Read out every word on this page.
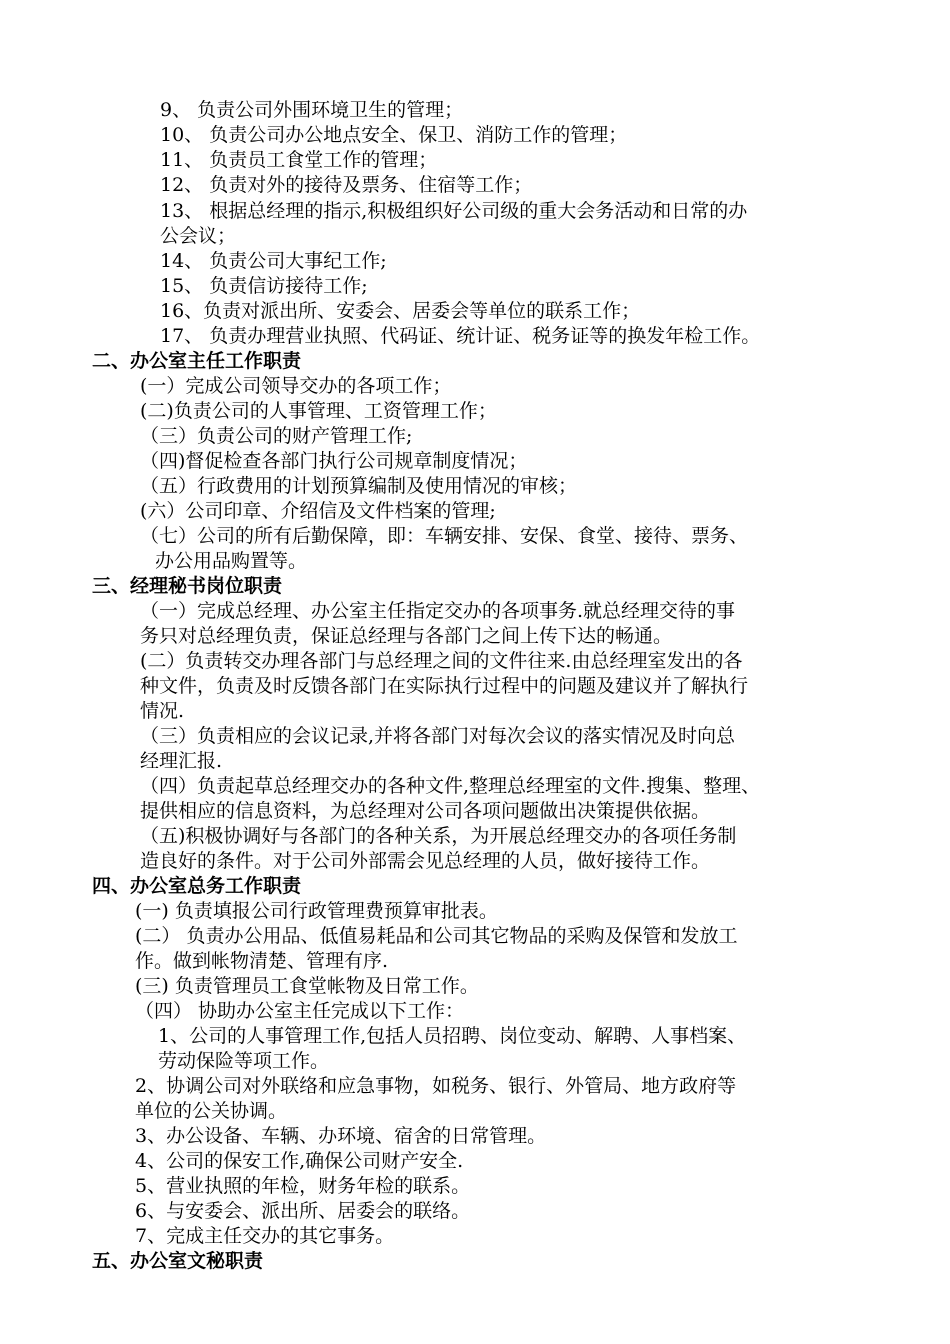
9、 负责公司外围环境卫生的管理；
10、 负责公司办公地点安全、保卫、消防工作的管理；
11、 负责员工食堂工作的管理；
12、 负责对外的接待及票务、住宿等工作；
13、 根据总经理的指示,积极组织好公司级的重大会务活动和日常的办
公会议；
14、 负责公司大事纪工作;
15、 负责信访接待工作;
16、负责对派出所、安委会、居委会等单位的联系工作；
17、 负责办理营业执照、代码证、统计证、税务证等的换发年检工作。
二、办公室主任工作职责
(一）完成公司领导交办的各项工作；
(二)负责公司的人事管理、工资管理工作；
（三）负责公司的财产管理工作;
（四)督促检查各部门执行公司规章制度情况；
（五）行政费用的计划预算编制及使用情况的审核；
(六）公司印章、介绍信及文件档案的管理;
（七）公司的所有后勤保障，即：车辆安排、安保、食堂、接待、票务、
办公用品购置等。
三、经理秘书岗位职责
（一）完成总经理、办公室主任指定交办的各项事务.就总经理交待的事
务只对总经理负责，保证总经理与各部门之间上传下达的畅通。
(二）负责转交办理各部门与总经理之间的文件往来.由总经理室发出的各
种文件，负责及时反馈各部门在实际执行过程中的问题及建议并了解执行
情况.
（三）负责相应的会议记录,并将各部门对每次会议的落实情况及时向总
经理汇报.
（四）负责起草总经理交办的各种文件,整理总经理室的文件.搜集、整理、
提供相应的信息资料，为总经理对公司各项问题做出决策提供依据。
（五)积极协调好与各部门的各种关系，为开展总经理交办的各项任务制
造良好的条件。对于公司外部需会见总经理的人员，做好接待工作。
四、办公室总务工作职责
(一) 负责填报公司行政管理费预算审批表。
(二） 负责办公用品、低值易耗品和公司其它物品的采购及保管和发放工
作。做到帐物清楚、管理有序.
(三) 负责管理员工食堂帐物及日常工作。
（四） 协助办公室主任完成以下工作：
1、公司的人事管理工作,包括人员招聘、岗位变动、解聘、人事档案、
劳动保险等项工作。
2、协调公司对外联络和应急事物，如税务、银行、外管局、地方政府等
单位的公关协调。
3、办公设备、车辆、办环境、宿舍的日常管理。
4、公司的保安工作,确保公司财产安全.
5、营业执照的年检，财务年检的联系。
6、与安委会、派出所、居委会的联络。
7、完成主任交办的其它事务。
五、办公室文秘职责
